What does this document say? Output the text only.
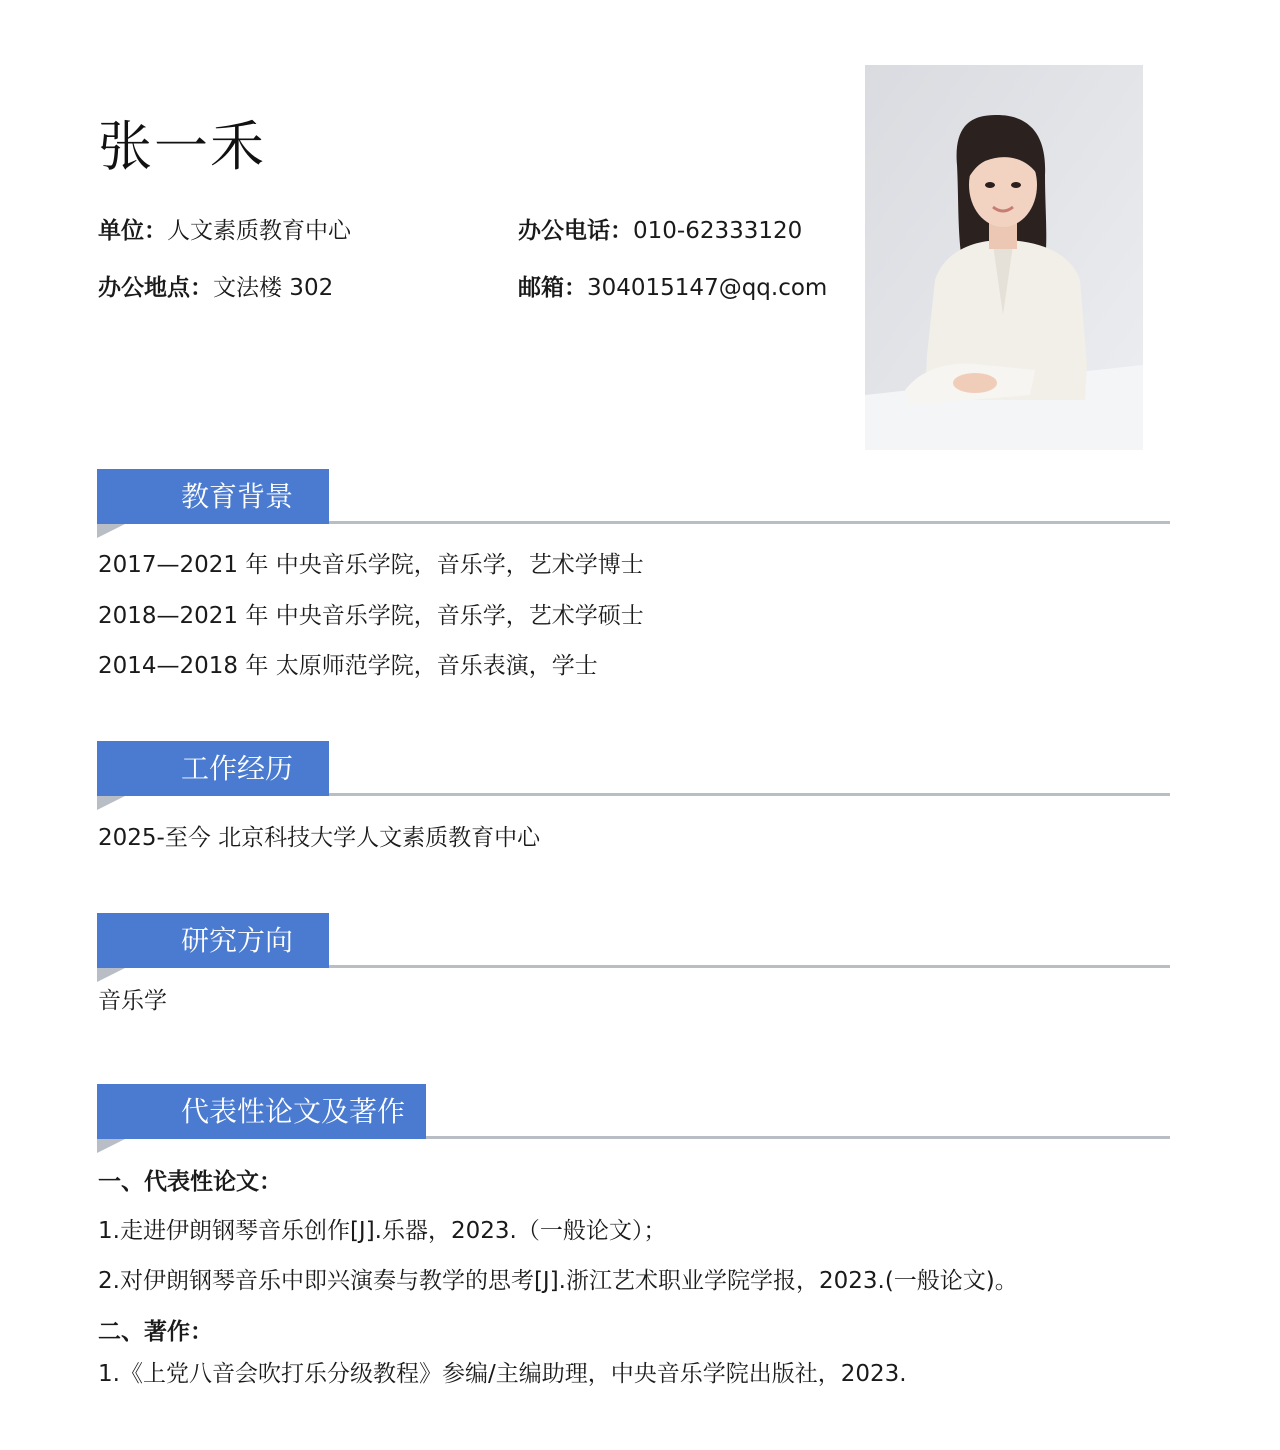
张一禾
单位：人文素质教育中心	办公电话：010-62333120
办公地点：文法楼 302	邮箱：304015147@qq.com
教育背景
2017—2021 年 中央音乐学院，音乐学，艺术学博士
2018—2021 年 中央音乐学院，音乐学，艺术学硕士
2014—2018 年 太原师范学院，音乐表演，学士
工作经历
2025-至今 北京科技大学人文素质教育中心
研究方向
音乐学
代表性论文及著作
一、代表性论文：
1.走进伊朗钢琴音乐创作[J].乐器，2023.（一般论文）；
2.对伊朗钢琴音乐中即兴演奏与教学的思考[J].浙江艺术职业学院学报，2023.(一般论文)。
二、著作：
1.《上党八音会吹打乐分级教程》参编/主编助理，中央音乐学院出版社，2023.
